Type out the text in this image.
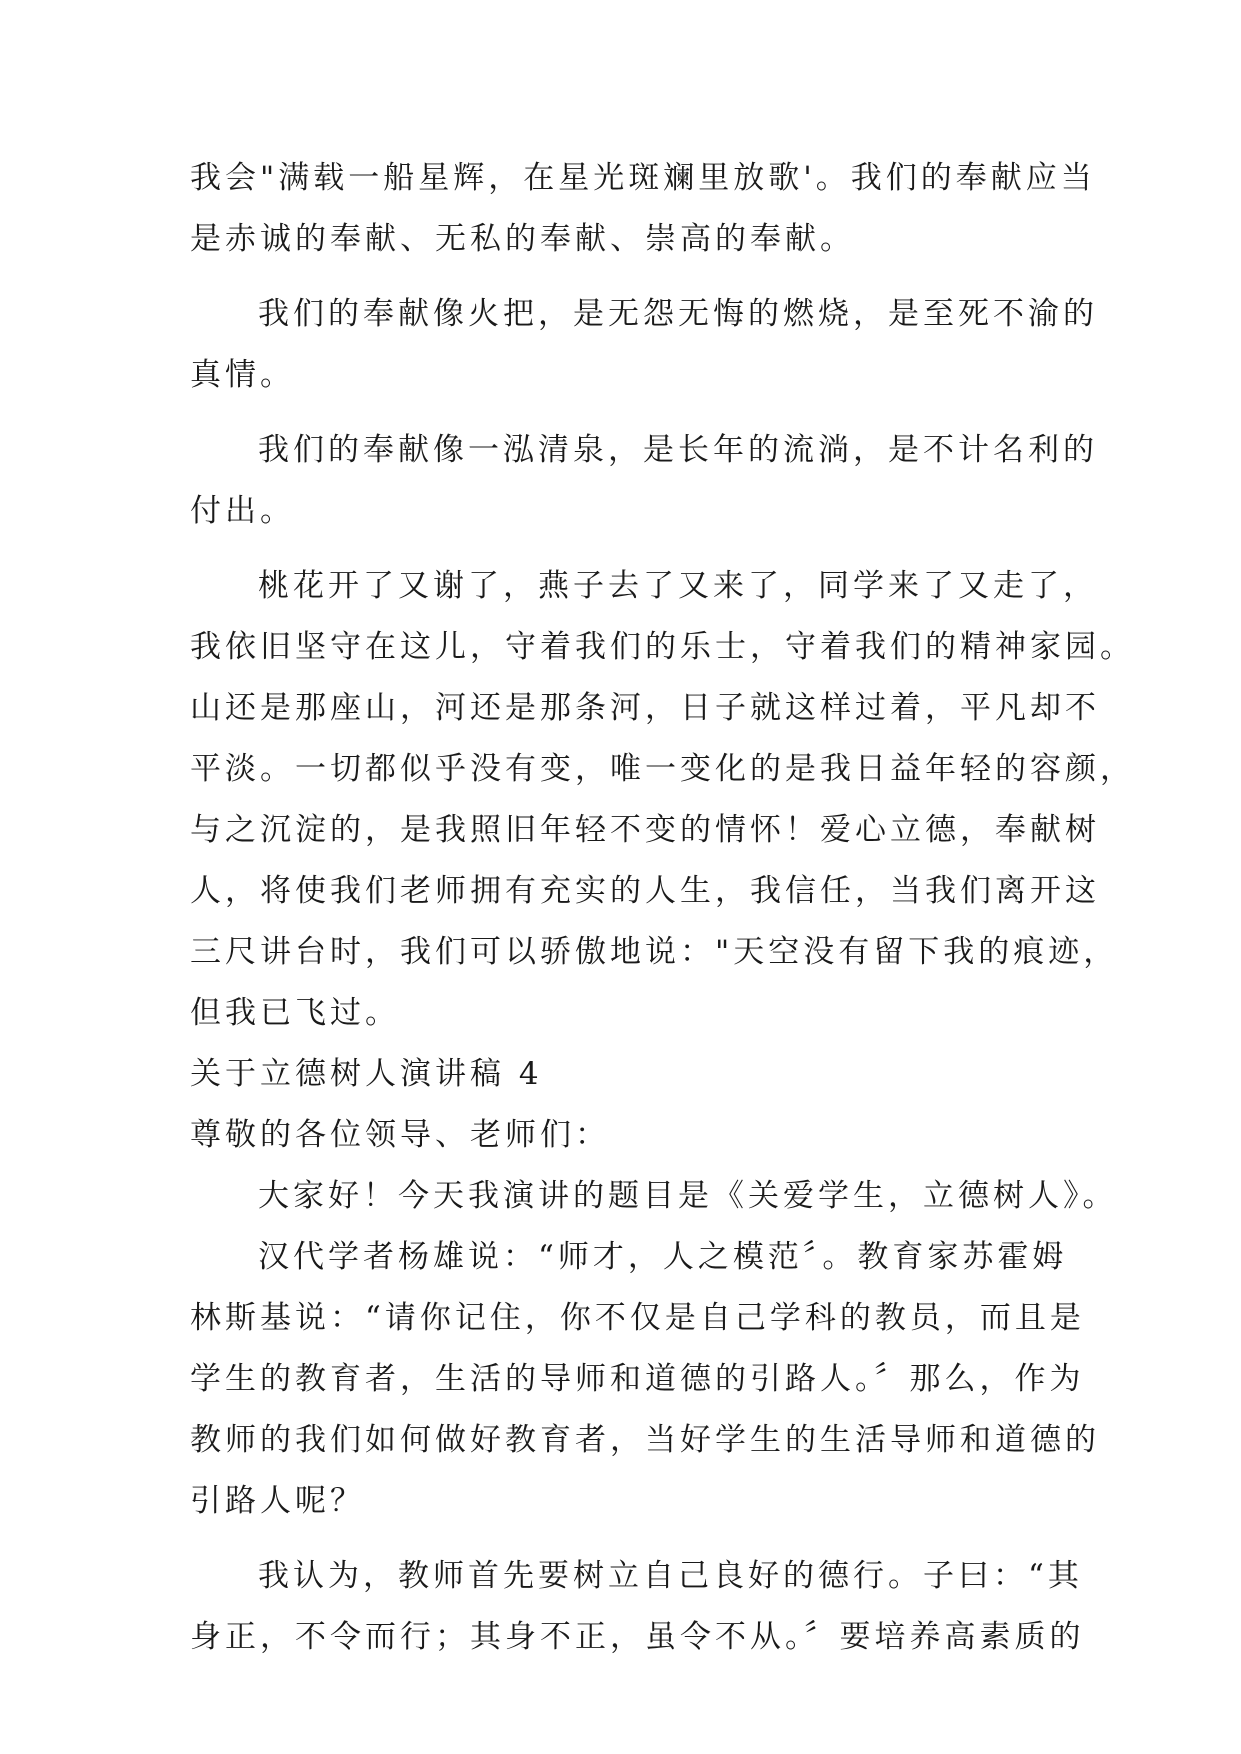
我会"满载一船星辉，在星光斑斓里放歌'。我们的奉献应当
是赤诚的奉献、无私的奉献、崇高的奉献。
我们的奉献像火把，是无怨无悔的燃烧，是至死不渝的
真情。
我们的奉献像一泓清泉，是长年的流淌，是不计名利的
付出。
桃花开了又谢了，燕子去了又来了，同学来了又走了，
我依旧坚守在这儿，守着我们的乐士，守着我们的精神家园。
山还是那座山，河还是那条河，日子就这样过着，平凡却不
平淡。一切都似乎没有变，唯一变化的是我日益年轻的容颜，
与之沉淀的，是我照旧年轻不变的情怀！爱心立德，奉献树
人，将使我们老师拥有充实的人生，我信任，当我们离开这
三尺讲台时，我们可以骄傲地说："天空没有留下我的痕迹，
但我已飞过。
关于立德树人演讲稿 4
尊敬的各位领导、老师们：
大家好！今天我演讲的题目是《关爱学生，立德树人》。
汉代学者杨雄说：“师才，人之模范〞。教育家苏霍姆
林斯基说：“请你记住，你不仅是自己学科的教员，而且是
学生的教育者，生活的导师和道德的引路人。〞那么，作为
教师的我们如何做好教育者，当好学生的生活导师和道德的
引路人呢？
我认为，教师首先要树立自己良好的德行。子曰：“其
身正，不令而行；其身不正，虽令不从。〞要培养高素质的
